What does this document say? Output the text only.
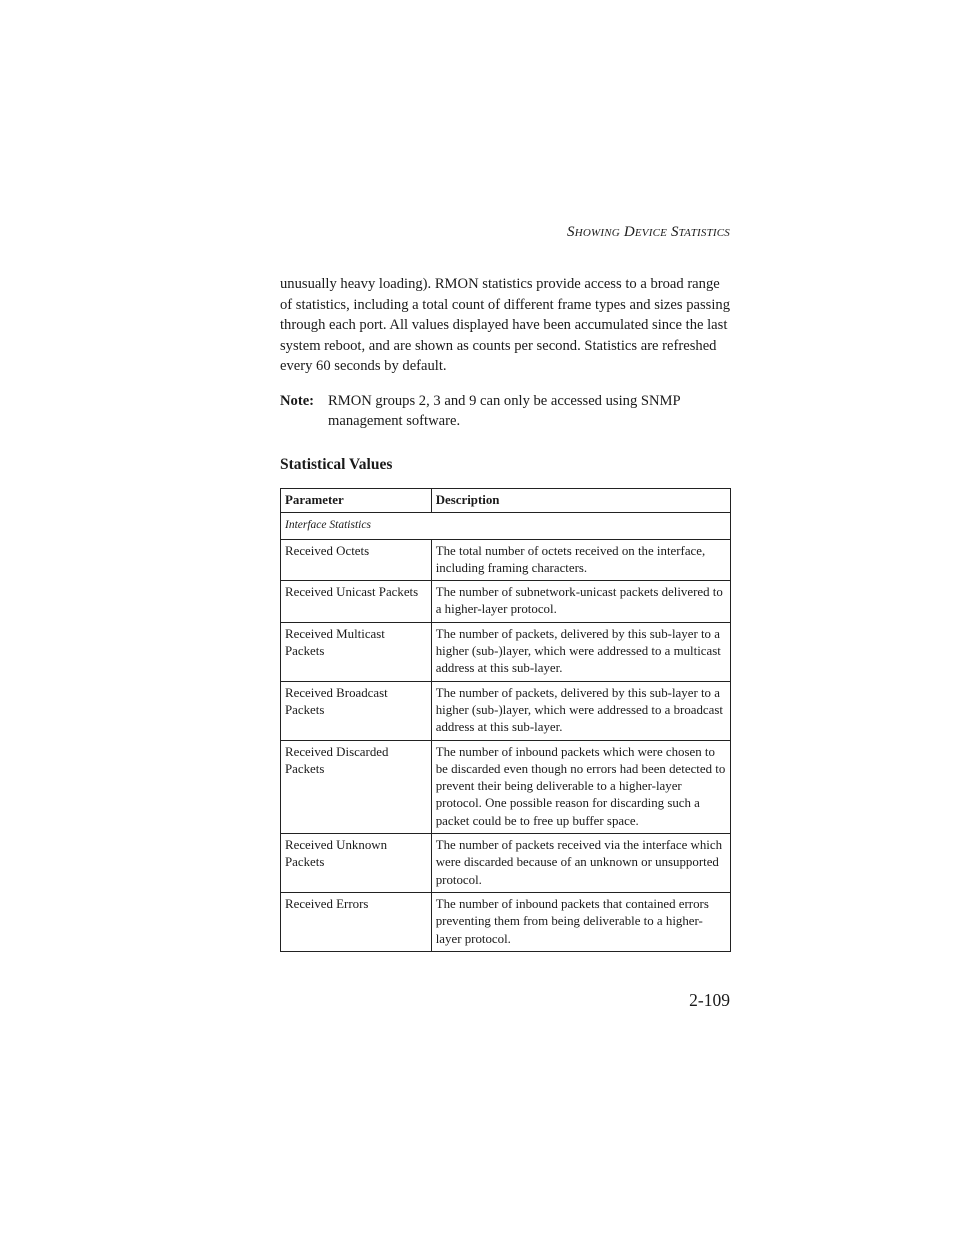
Showing Device Statistics

unusually heavy loading). RMON statistics provide access to a broad range of statistics, including a total count of different frame types and sizes passing through each port. All values displayed have been accumulated since the last system reboot, and are shown as counts per second. Statistics are refreshed every 60 seconds by default.

Note: RMON groups 2, 3 and 9 can only be accessed using SNMP management software.
Statistical Values
Parameter	Description
Interface Statistics	
Received Octets	The total number of octets received on the interface, including framing characters.
Received Unicast Packets	The number of subnetwork-unicast packets delivered to a higher-layer protocol.
Received Multicast Packets	The number of packets, delivered by this sub-layer to a higher (sub-)layer, which were addressed to a multicast address at this sub-layer.
Received Broadcast Packets	The number of packets, delivered by this sub-layer to a higher (sub-)layer, which were addressed to a broadcast address at this sub-layer.
Received Discarded Packets	The number of inbound packets which were chosen to be discarded even though no errors had been detected to prevent their being deliverable to a higher-layer protocol. One possible reason for discarding such a packet could be to free up buffer space.
Received Unknown Packets	The number of packets received via the interface which were discarded because of an unknown or unsupported protocol.
Received Errors	The number of inbound packets that contained errors preventing them from being deliverable to a higher-layer protocol.
2-109
